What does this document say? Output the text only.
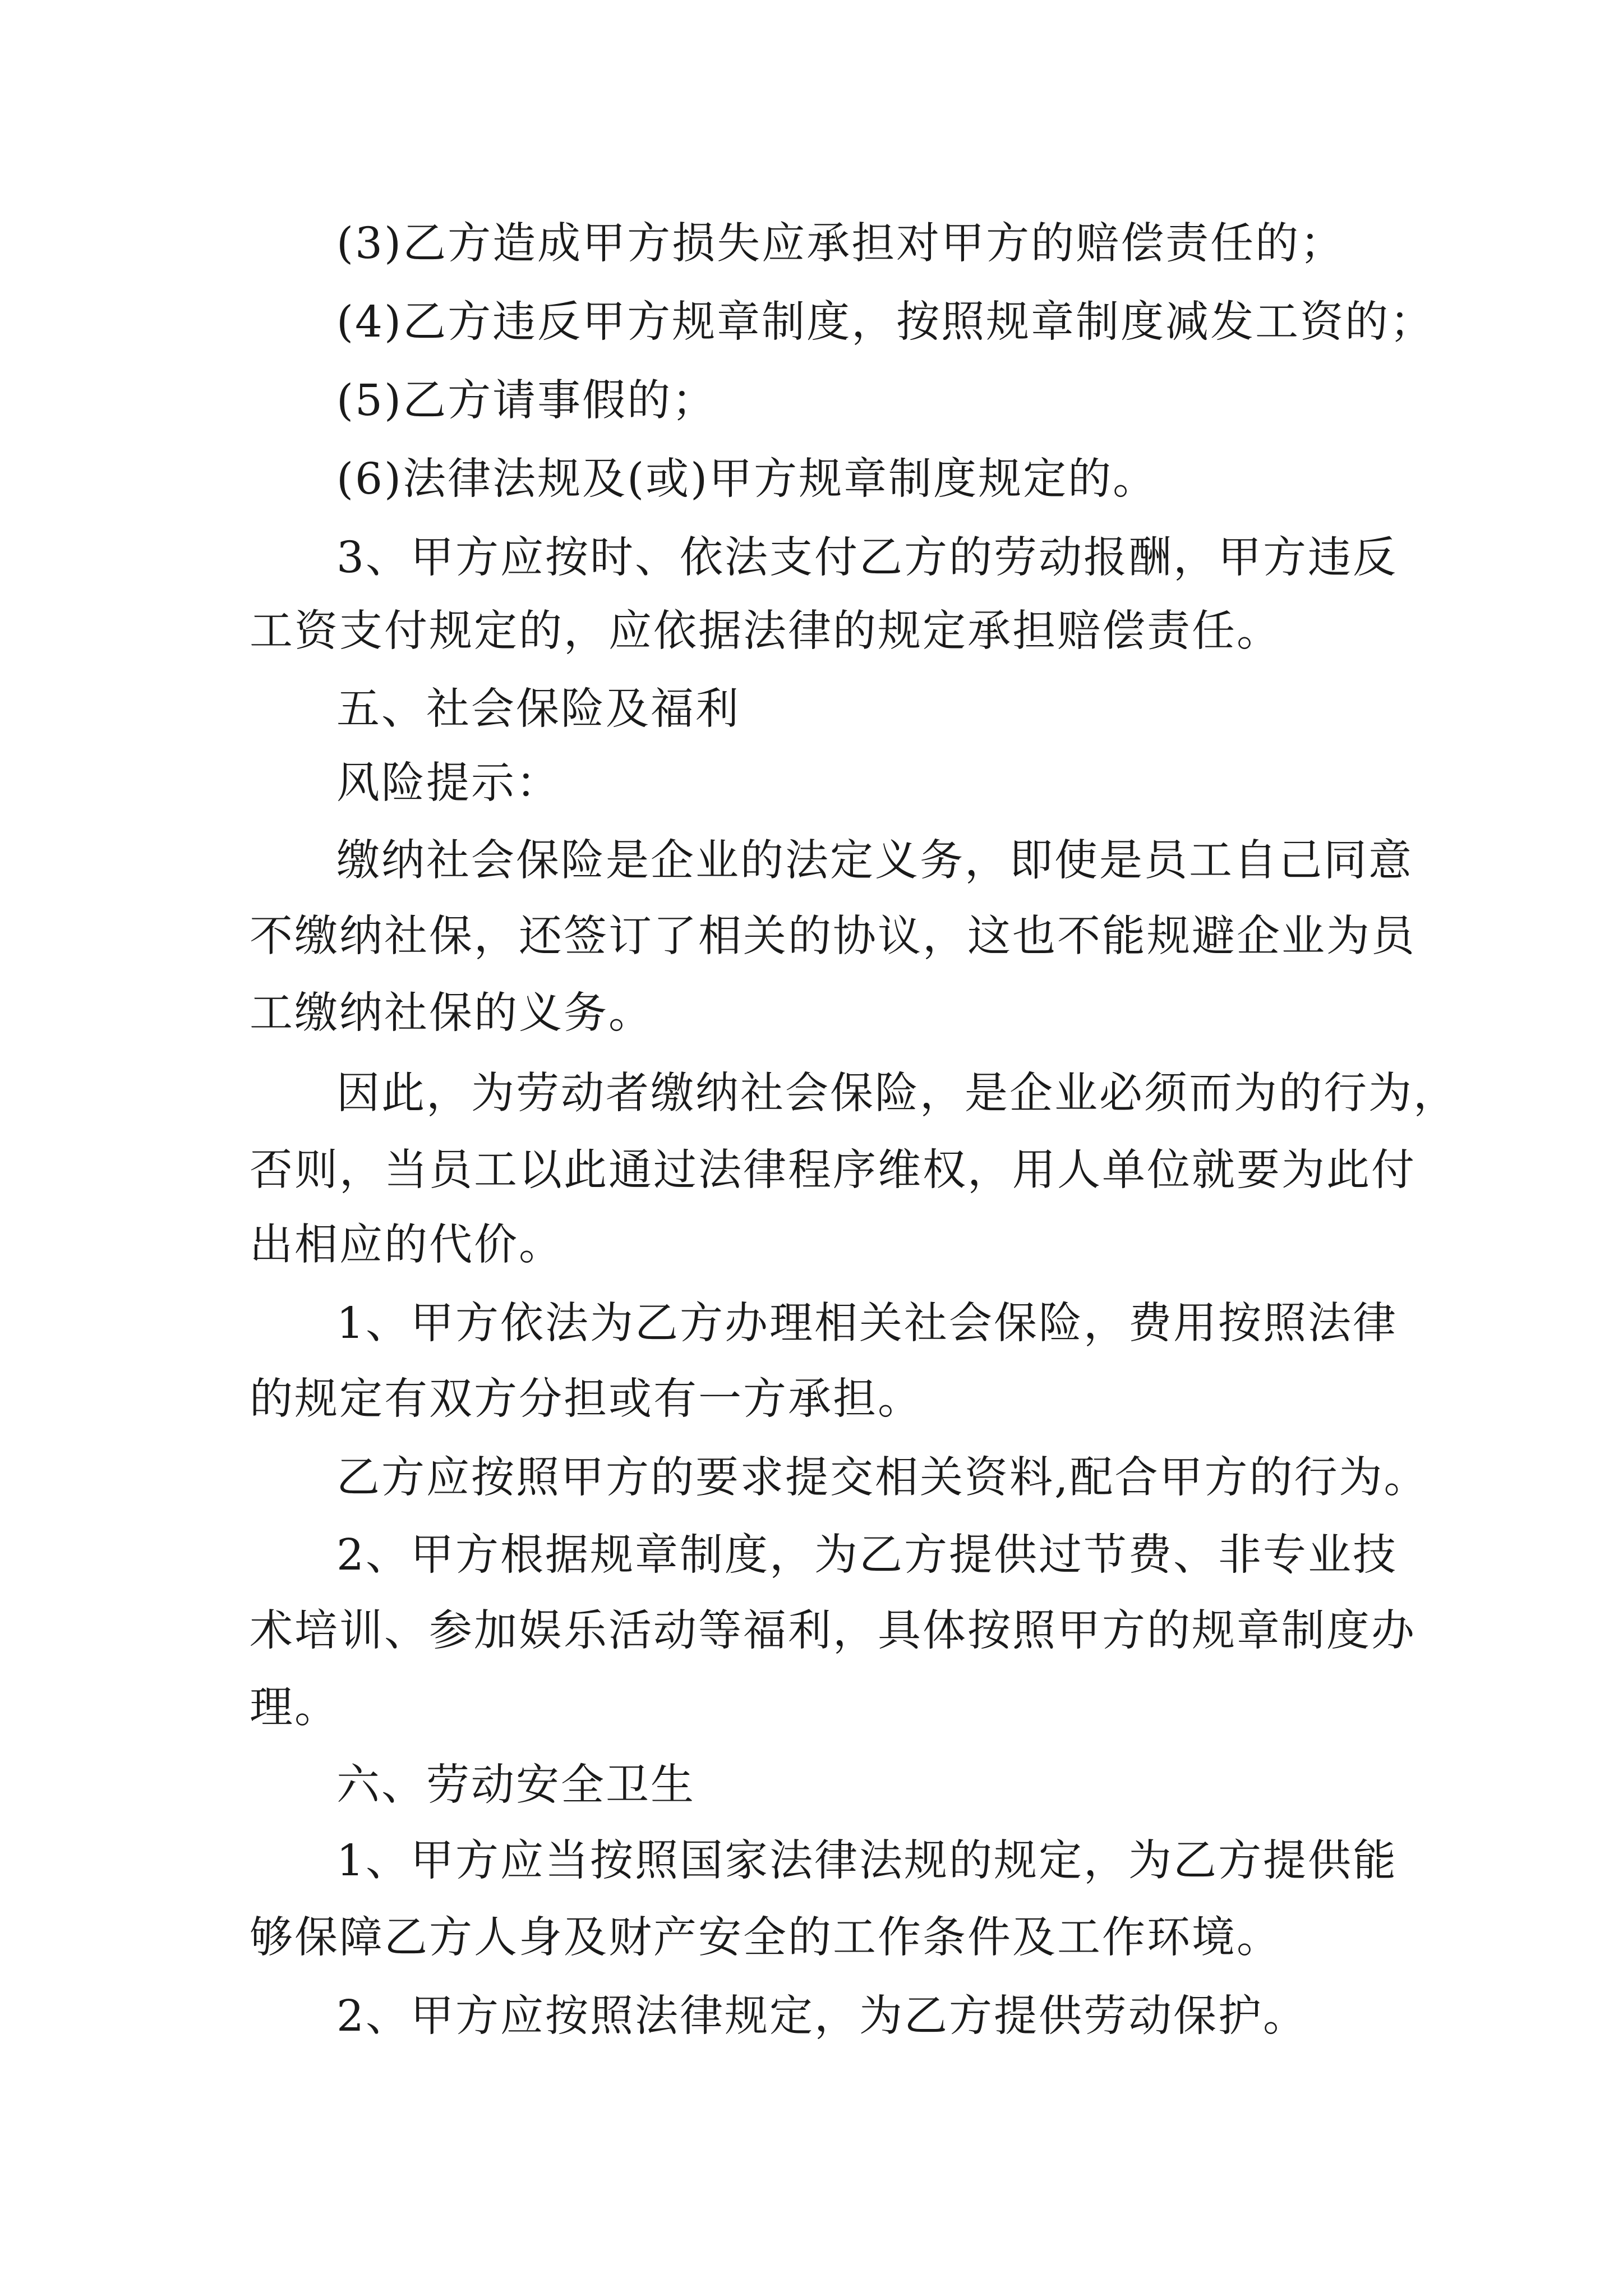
(3)乙方造成甲方损失应承担对甲方的赔偿责任的；
(4)乙方违反甲方规章制度，按照规章制度减发工资的；
(5)乙方请事假的；
(6)法律法规及(或)甲方规章制度规定的。
3、甲方应按时、依法支付乙方的劳动报酬，甲方违反
工资支付规定的，应依据法律的规定承担赔偿责任。
五、社会保险及福利
风险提示：
缴纳社会保险是企业的法定义务，即使是员工自己同意
不缴纳社保，还签订了相关的协议，这也不能规避企业为员
工缴纳社保的义务。
因此，为劳动者缴纳社会保险，是企业必须而为的行为，
否则，当员工以此通过法律程序维权，用人单位就要为此付
出相应的代价。
1、甲方依法为乙方办理相关社会保险，费用按照法律
的规定有双方分担或有一方承担。
乙方应按照甲方的要求提交相关资料,配合甲方的行为。
2、甲方根据规章制度，为乙方提供过节费、非专业技
术培训、参加娱乐活动等福利，具体按照甲方的规章制度办
理。
六、劳动安全卫生
1、甲方应当按照国家法律法规的规定，为乙方提供能
够保障乙方人身及财产安全的工作条件及工作环境。
2、甲方应按照法律规定，为乙方提供劳动保护。
